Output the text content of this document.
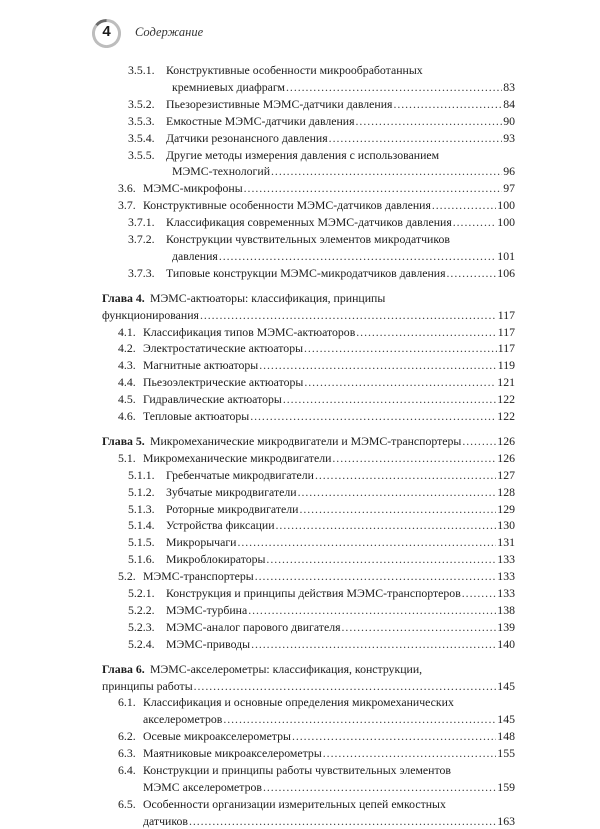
4	Содержание
3.5.1. Конструктивные особенности микрообработанных
кремниевых диафрагм . . .	83
3.5.2. Пьезорезистивные МЭМС-датчики давления . . .	84
3.5.3. Емкостные МЭМС-датчики давления . . .	90
3.5.4. Датчики резонансного давления . . .	93
3.5.5. Другие методы измерения давления с использованием
МЭМС-технологий . . .	96
3.6. МЭМС-микрофоны . . .	97
3.7. Конструктивные особенности МЭМС-датчиков давления . . .	100
3.7.1. Классификация современных МЭМС-датчиков давления . . .	100
3.7.2. Конструкции чувствительных элементов микродатчиков
давления . . .	101
3.7.3. Типовые конструкции МЭМС-микродатчиков давления . . .	106
Глава 4. МЭМС-актюаторы: классификация, принципы
функционирования . . .	117
4.1. Классификация типов МЭМС-актюаторов . . .	117
4.2. Электростатические актюаторы . . .	117
4.3. Магнитные актюаторы . . .	119
4.4. Пьезоэлектрические актюаторы . . .	121
4.5. Гидравлические актюаторы . . .	122
4.6. Тепловые актюаторы . . .	122
Глава 5. Микромеханические микродвигатели и МЭМС-транспортеры . . .	126
5.1. Микромеханические микродвигатели . . .	126
5.1.1. Гребенчатые микродвигатели . . .	127
5.1.2. Зубчатые микродвигатели . . .	128
5.1.3. Роторные микродвигатели . . .	129
5.1.4. Устройства фиксации . . .	130
5.1.5. Микрорычаги . . .	131
5.1.6. Микроблокираторы . . .	133
5.2. МЭМС-транспортеры . . .	133
5.2.1. Конструкция и принципы действия МЭМС-транспортеров . . .	133
5.2.2. МЭМС-турбина . . .	138
5.2.3. МЭМС-аналог парового двигателя . . .	139
5.2.4. МЭМС-приводы . . .	140
Глава 6. МЭМС-акселерометры: классификация, конструкции,
принципы работы . . .	145
6.1. Классификация и основные определения микромеханических
акселерометров . . .	145
6.2. Осевые микроакселерометры . . .	148
6.3. Маятниковые микроакселерометры . . .	155
6.4. Конструкции и принципы работы чувствительных элементов
МЭМС акселерометров . . .	159
6.5. Особенности организации измерительных цепей емкостных
датчиков . . .	163
